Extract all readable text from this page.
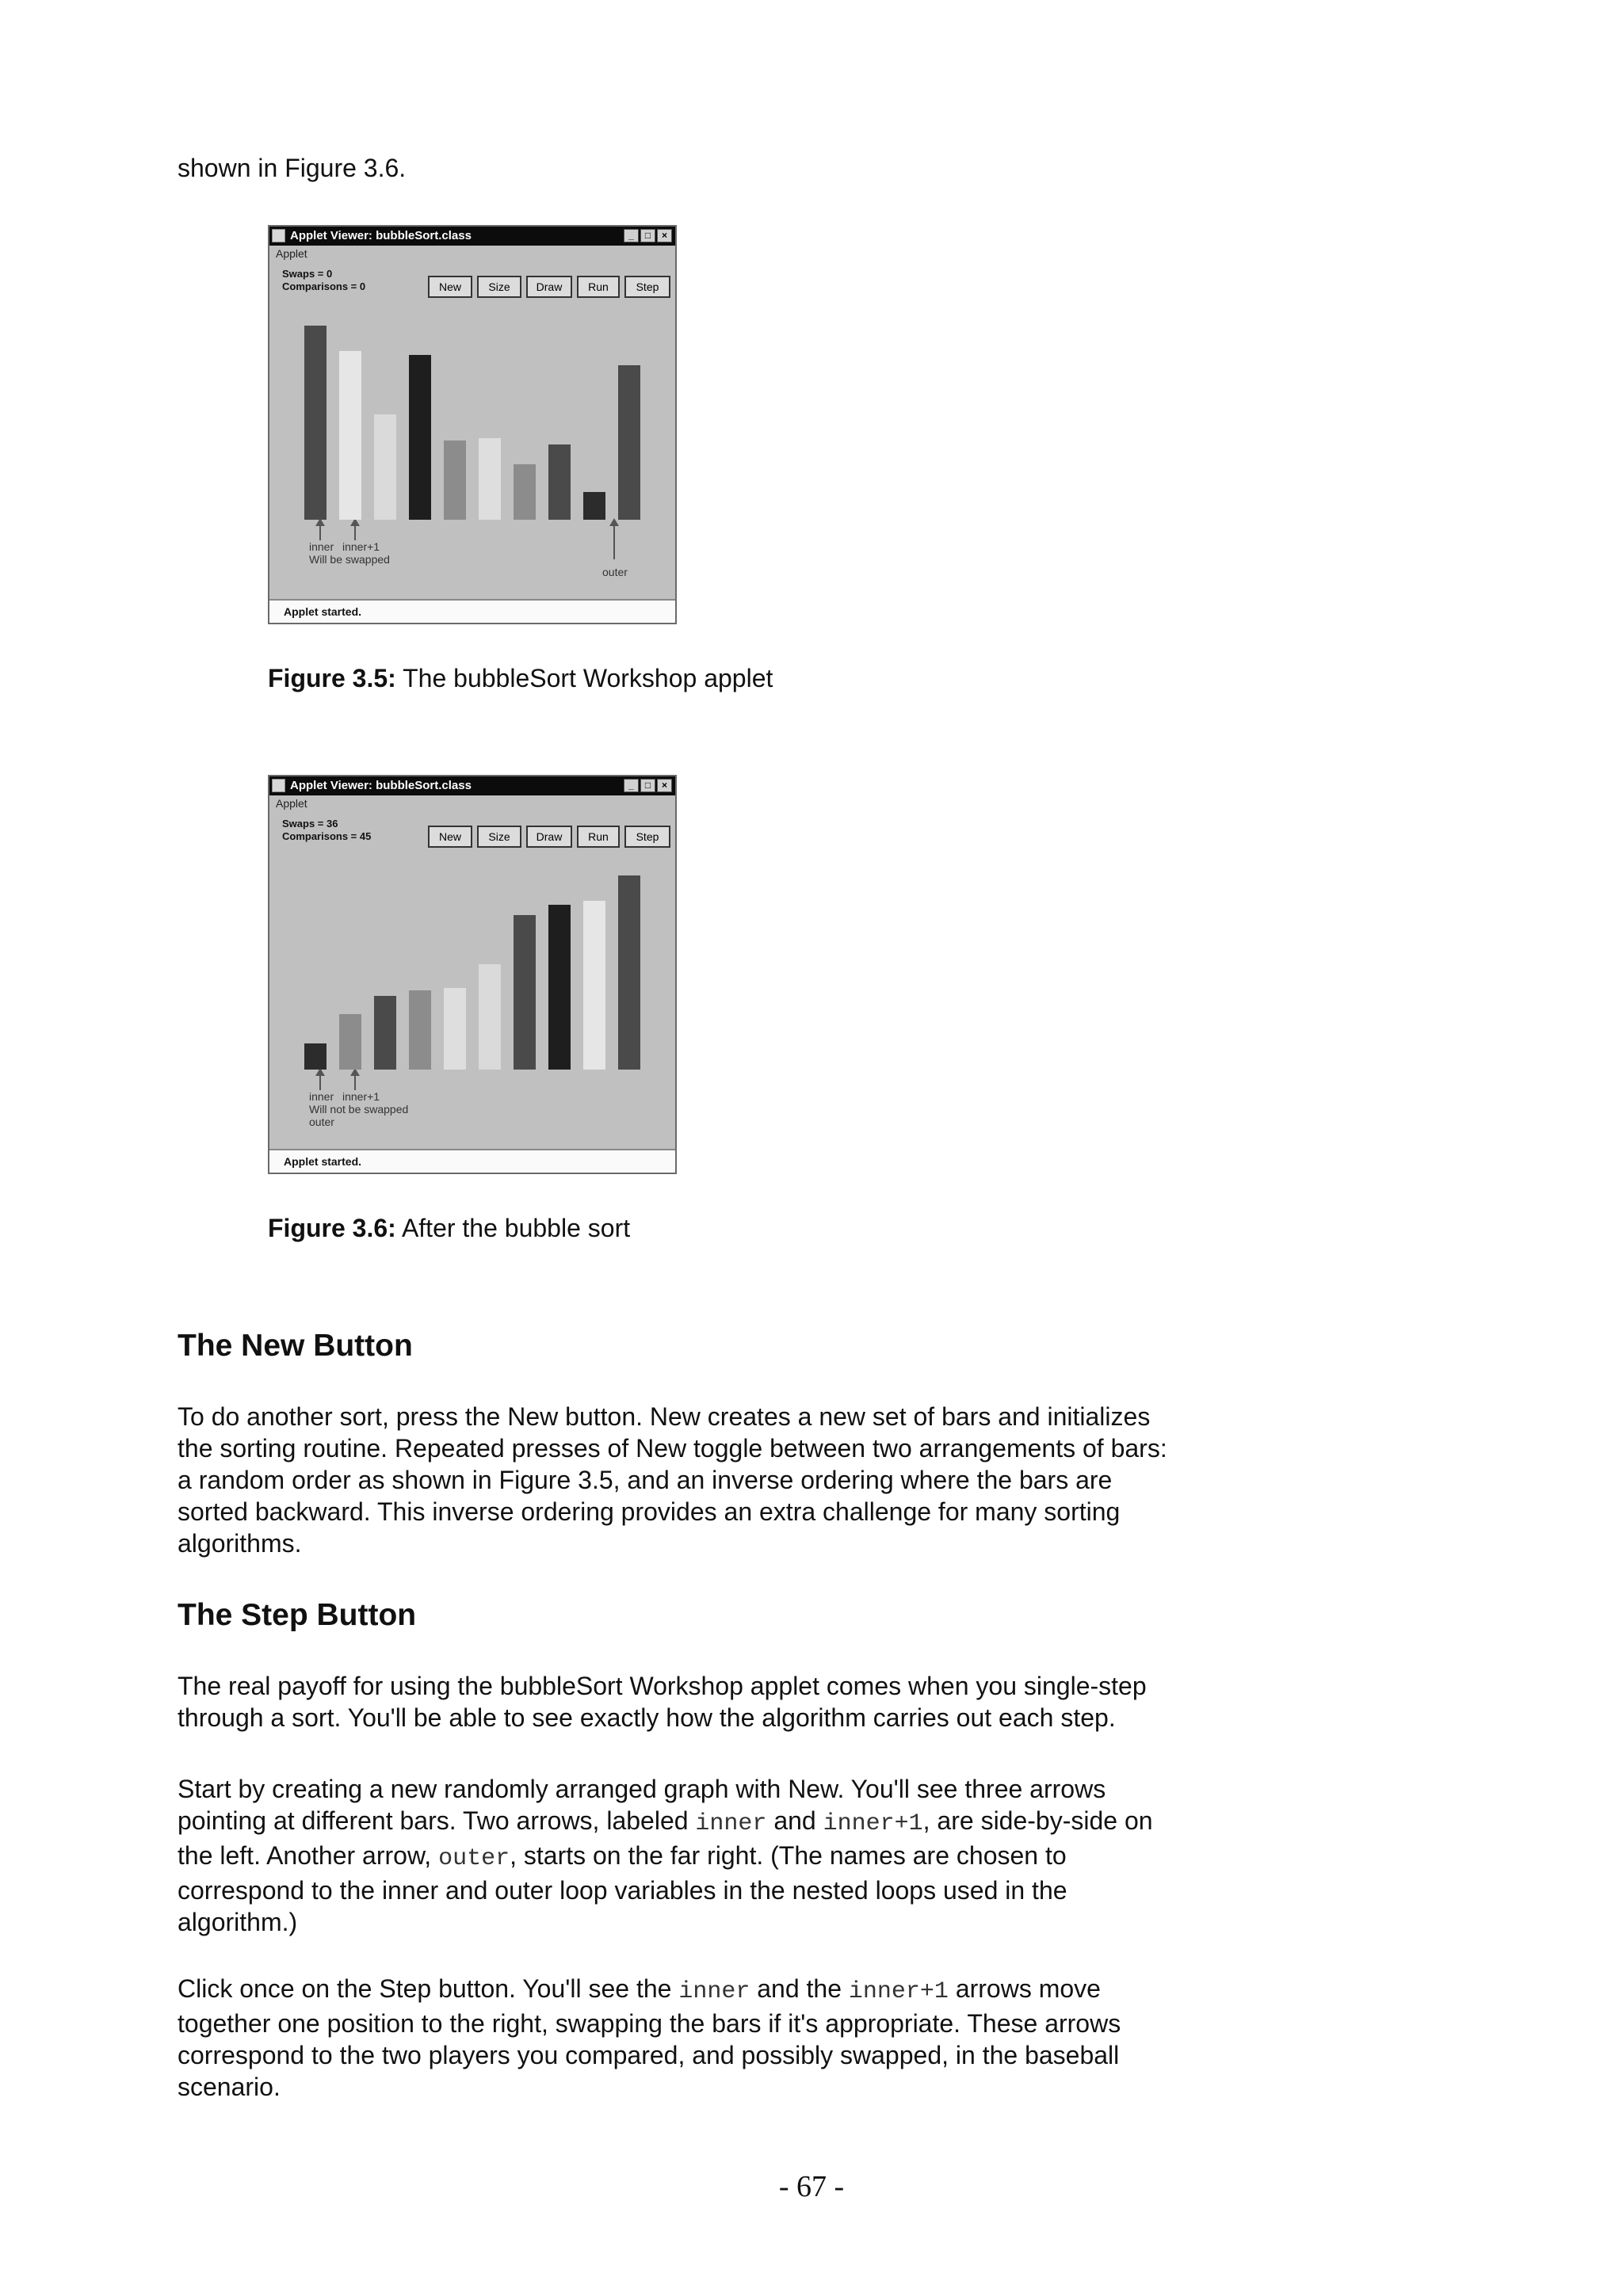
shown in Figure 3.6.
Applet Viewer: bubbleSort.class	_	□	×
Applet
Swaps = 0
Comparisons = 0	New	Size	Draw	Run	Step
inner inner+1
Will be swapped
outer
Applet started.
Figure 3.5: The bubbleSort Workshop applet
Applet Viewer: bubbleSort.class	_	□	×
Applet
Swaps = 36
Comparisons = 45	New	Size	Draw	Run	Step
inner inner+1
Will not be swapped
outer
Applet started.
Figure 3.6: After the bubble sort
The New Button
To do another sort, press the New button. New creates a new set of bars and initializes
the sorting routine. Repeated presses of New toggle between two arrangements of bars:
a random order as shown in Figure 3.5, and an inverse ordering where the bars are
sorted backward. This inverse ordering provides an extra challenge for many sorting
algorithms.
The Step Button
The real payoff for using the bubbleSort Workshop applet comes when you single-step
through a sort. You'll be able to see exactly how the algorithm carries out each step.
Start by creating a new randomly arranged graph with New. You'll see three arrows
pointing at different bars. Two arrows, labeled inner and inner+1, are side-by-side on
the left. Another arrow, outer, starts on the far right. (The names are chosen to
correspond to the inner and outer loop variables in the nested loops used in the
algorithm.)
Click once on the Step button. You'll see the inner and the inner+1 arrows move
together one position to the right, swapping the bars if it's appropriate. These arrows
correspond to the two players you compared, and possibly swapped, in the baseball
scenario.
- 67 -
